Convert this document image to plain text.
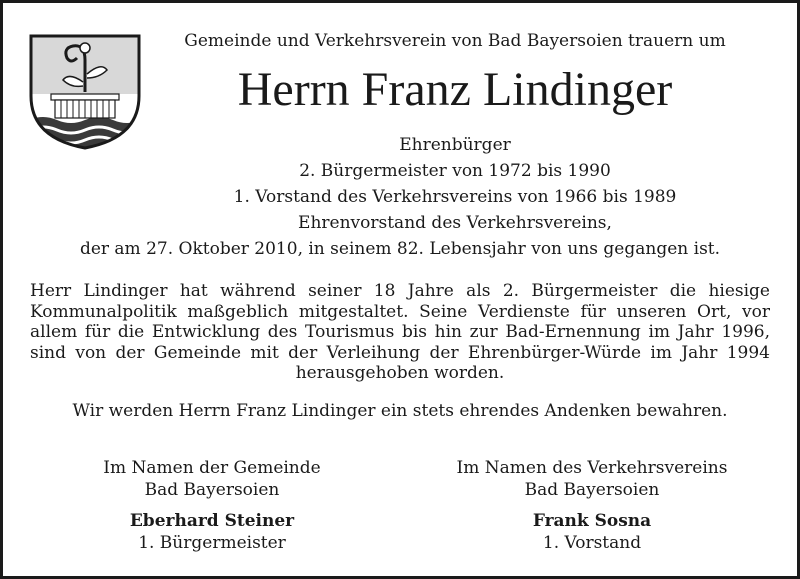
Gemeinde und Verkehrsverein von Bad Bayersoien trauern um
Herrn Franz Lindinger
Ehrenbürger
2. Bürgermeister von 1972 bis 1990
1. Vorstand des Verkehrsvereins von 1966 bis 1989
Ehrenvorstand des Verkehrsvereins,
der am 27. Oktober 2010, in seinem 82. Lebensjahr von uns gegangen ist.
Herr Lindinger hat während seiner 18 Jahre als 2. Bürgermeister die hiesige Kommunalpolitik maßgeblich mitgestaltet. Seine Verdienste für unseren Ort, vor allem für die Entwicklung des Tourismus bis hin zur Bad-Ernennung im Jahr 1996, sind von der Gemeinde mit der Verleihung der Ehrenbürger-Würde im Jahr 1994 herausgehoben worden.
Wir werden Herrn Franz Lindinger ein stets ehrendes Andenken bewahren.
Im Namen der Gemeinde
Bad Bayersoien
Eberhard Steiner
1. Bürgermeister
Im Namen des Verkehrsvereins
Bad Bayersoien
Frank Sosna
1. Vorstand
